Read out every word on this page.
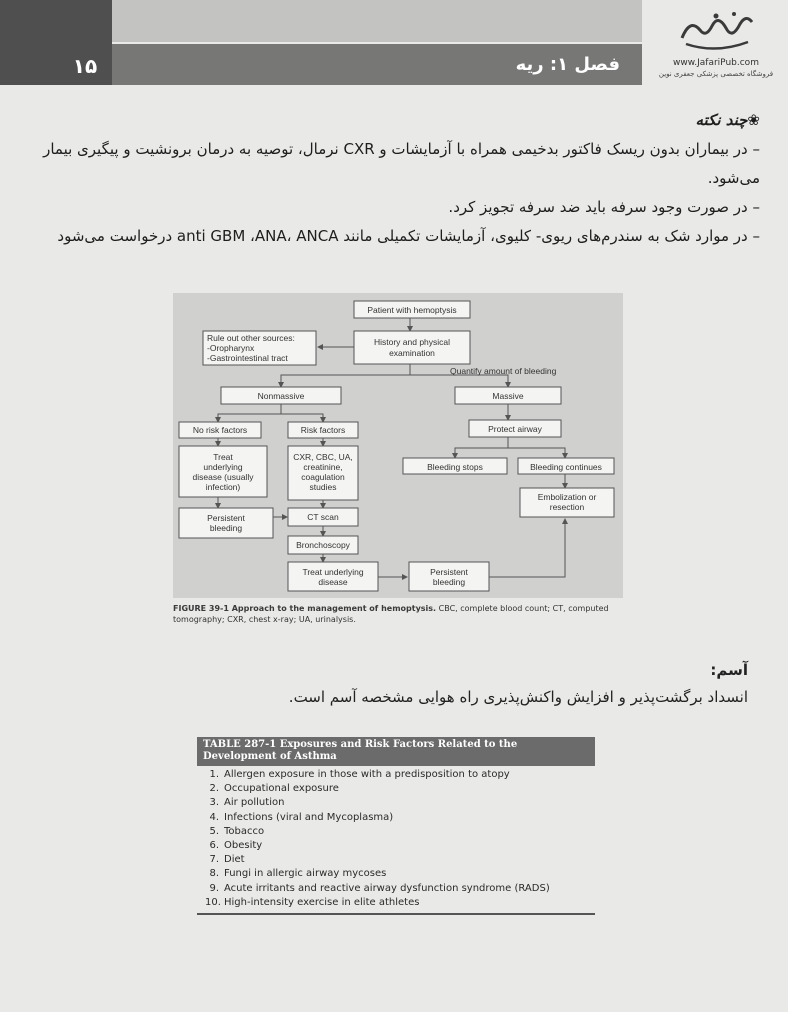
۱۵	فصل ۱: ریه	www.JafariPub.com
فروشگاه تخصصی پزشکی جعفری نوین
❀چند نکته
– در بیماران بدون ریسک فاکتور بدخیمی همراه با آزمایشات و CXR نرمال، توصیه به درمان برونشیت و پیگیری بیمار می‌شود.
– در صورت وجود سرفه باید ضد سرفه تجویز کرد.
– در موارد شک به سندرم‌های ریوی- کلیوی، آزمایشات تکمیلی مانند anti GBM ،ANA، ANCA درخواست می‌شود
Patient with hemoptysis
History and physical
examination
Nonmassive	Massive
No risk factors	Risk factors	Protect airway
Treat
underlying
disease (usually
infection)
CXR, CBC, UA,
creatinine,
coagulation
studies
Bleeding stops	Bleeding continues
Persistent
bleeding
CT scan
Embolization or
resection
Bronchoscopy
Treat underlying
disease
Persistent
bleeding
Rule out other sources:
-Oropharynx
-Gastrointestinal tract
Quantify amount of bleeding
FIGURE 39-1 Approach to the management of hemoptysis. CBC, complete blood count; CT, computed tomography; CXR, chest x-ray; UA, urinalysis.
آسم:
انسداد برگشت‌پذیر و افزایش واکنش‌پذیری راه هوایی مشخصه آسم است.
TABLE 287-1 Exposures and Risk Factors Related to the Development of Asthma
1. Allergen exposure in those with a predisposition to atopy
2. Occupational exposure
3. Air pollution
4. Infections (viral and Mycoplasma)
5. Tobacco
6. Obesity
7. Diet
8. Fungi in allergic airway mycoses
9. Acute irritants and reactive airway dysfunction syndrome (RADS)
10. High-intensity exercise in elite athletes
